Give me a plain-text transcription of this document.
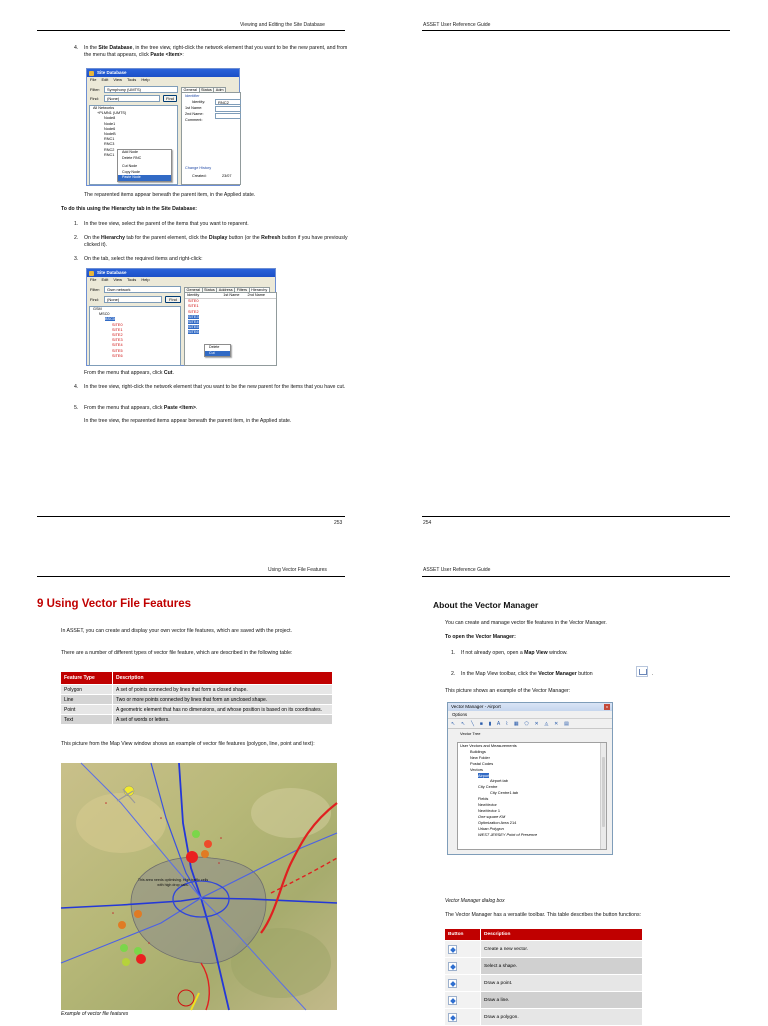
Viewing and Editing the Site Database
4. In the Site Database, in the tree view, right-click the network element that you want to be the new parent, and from the menu that appears, click Paste <Item>:
Site Database
File Edit View Tools Help
Filter:	Symphony (UMTS)
Find:	(None)	Find
All Networks
+PLMN1 (UMTS)
Node8
Node1
Node6
NodeB
RNC1
RNC3
RNC2
RNC1
General Status Adm
Identifier
Identity:
1st Name:
2nd Name:
Comment:
RNC2
Change History
Created:	23/07
Add Node
Delete RNC
Cut Node
Copy Node
Paste Node
The reparented items appear beneath the parent item, in the Applied state.
To do this using the Hierarchy tab in the Site Database:
1. In the tree view, select the parent of the items that you want to reparent.
2. On the Hierarchy tab for the parent element, click the Display button (or the Refresh button if you have previously clicked it).
3. On the tab, select the required items and right-click:
Site Database
File Edit View Tools Help
Filter:	Gsm network
Find:	(None)	Find
GSM
MSC0
BSC0
SITE0
SITE1
SITE2
SITE3
SITE4
SITE5
SITE6
General Status Address Filters Hierarchy
Identity	1st Name 2nd Name
SITE0
SITE1
SITE2
SITE3
SITE4
SITE5
SITE6
Delete
Cut
From the menu that appears, click Cut.
4. In the tree view, right-click the network element that you want to be the new parent for the items that you have cut.
5. From the menu that appears, click Paste <Item>.
In the tree view, the reparented items appear beneath the parent item, in the Applied state.
253
ASSET User Reference Guide
254
Using Vector File Features
9 Using Vector File Features
In ASSET, you can create and display your own vector file features, which are saved with the project.
There are a number of different types of vector file feature, which are described in the following table:
Feature Type	Description
Polygon	A set of points connected by lines that form a closed shape.
Line	Two or more points connected by lines that form an unclosed shape.
Point	A geometric element that has no dimensions, and whose position is based on its coordinates.
Text	A set of words or letters.
This picture from the Map View window shows an example of vector file features (polygon, line, point and text):
This area needs optimising. High traffic cells with high drop calls.
Example of vector file features
ASSET User Reference Guide
About the Vector Manager
You can create and manage vector file features in the Vector Manager.
To open the Vector Manager:
1. If not already open, open a Map View window.
2. In the Map View toolbar, click the Vector Manager button	.
This picture shows an example of the Vector Manager:
Vector Manager - Airport	x
Options
↖ ↖ ╲ ■ ▮ A ⌇ ▦ ⬠ ✕ ◬ ✕ ▤
Vector Tree
User Vectors and Measurements
Buildings
New Folder
Postal Codes
Vectors
Airport
Airport.tab
City Centre
City Centre1.tab
Fields
NewVector
NewVector 1
One square KM
Optimization Area 214
Urban Polygon
WEST JERSEY Point of Presence
Vector Manager dialog box
The Vector Manager has a versatile toolbar. This table describes the button functions:
Button	Description
	Create a new vector.
	Select a shape.
	Draw a point.
	Draw a line.
	Draw a polygon.
